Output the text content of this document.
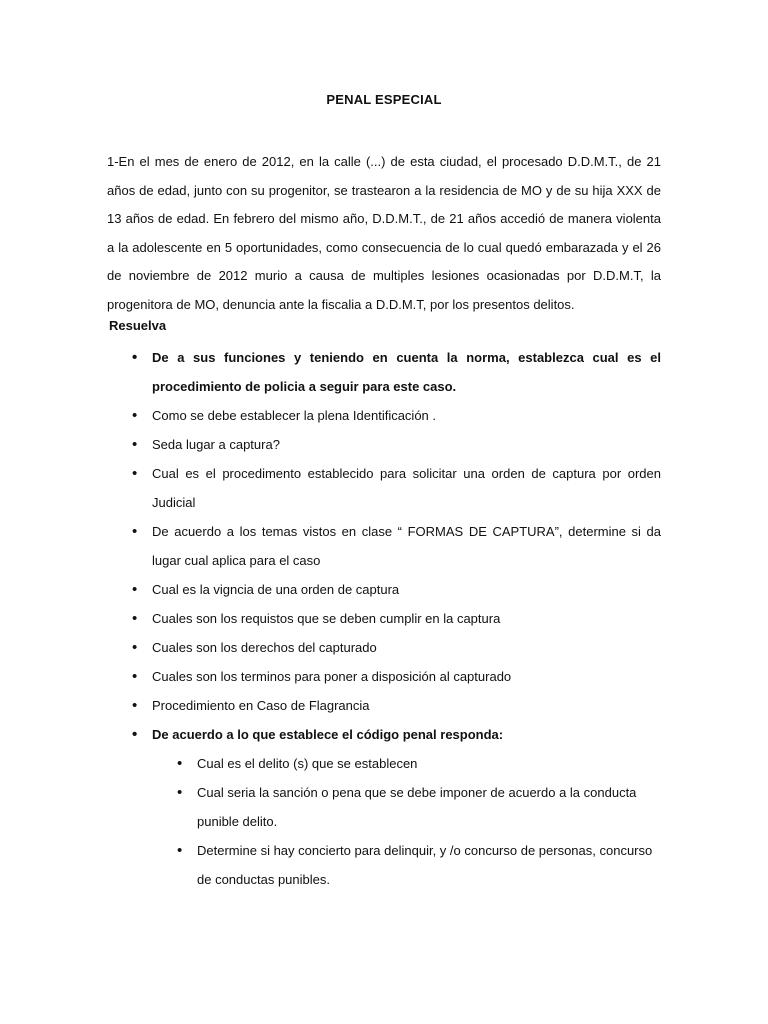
PENAL ESPECIAL

1-En el mes de enero de 2012, en la calle (...) de esta ciudad, el procesado D.D.M.T., de 21 años de edad, junto con su progenitor, se trastearon a la residencia de MO y de su hija XXX de 13 años de edad. En febrero del mismo año, D.D.M.T., de 21 años accedió de manera violenta a la adolescente en 5 oportunidades, como consecuencia de lo cual quedó embarazada y el 26 de noviembre de 2012 murio a causa de multiples lesiones ocasionadas por D.D.M.T, la progenitora de MO, denuncia ante la fiscalia a D.D.M.T, por los presentos delitos.

Resuelva

• De a sus funciones y teniendo en cuenta la norma, establezca cual es el procedimiento de policia a seguir para este caso.
• Como se debe establecer la plena Identificación .
• Seda lugar a captura?
• Cual es el procedimento establecido para solicitar una orden de captura por orden Judicial
• De acuerdo a los temas vistos en clase “ FORMAS DE CAPTURA”, determine si da lugar cual aplica para el caso
• Cual es la vigncia de una orden de captura
• Cuales son los requistos que se deben cumplir en la captura
• Cuales son los derechos del capturado
• Cuales son los terminos para poner a disposición al capturado
• Procedimiento en Caso de Flagrancia
• De acuerdo a lo que establece el código penal responda:
• Cual es el delito (s) que se establecen
• Cual seria la sanción o pena que se debe imponer de acuerdo a la conducta punible delito.
• Determine si hay concierto para delinquir, y /o concurso de personas, concurso de conductas punibles.
